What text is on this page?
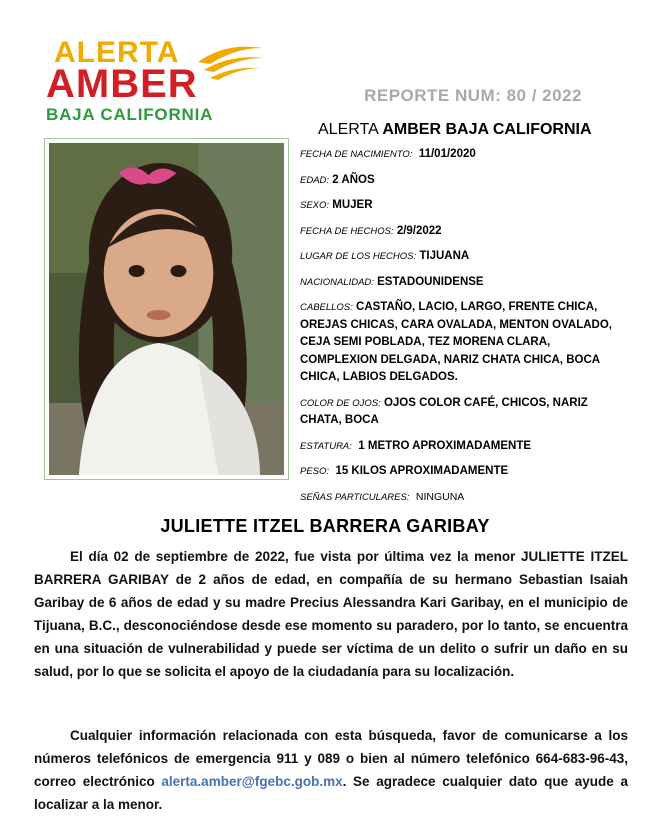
ALERTA
AMBER
BAJA CALIFORNIA
REPORTE NUM: 80 / 2022
ALERTA AMBER BAJA CALIFORNIA
FECHA DE NACIMIENTO: 11/01/2020
EDAD: 2 AÑOS
SEXO: MUJER
FECHA DE HECHOS: 2/9/2022
LUGAR DE LOS HECHOS: TIJUANA
NACIONALIDAD: ESTADOUNIDENSE
CABELLOS: CASTAÑO, LACIO, LARGO, FRENTE CHICA, OREJAS CHICAS, CARA OVALADA, MENTON OVALADO, CEJA SEMI POBLADA, TEZ MORENA CLARA, COMPLEXION DELGADA, NARIZ CHATA CHICA, BOCA CHICA, LABIOS DELGADOS.
COLOR DE OJOS: OJOS COLOR CAFÉ, CHICOS, NARIZ CHATA, BOCA
ESTATURA: 1 METRO APROXIMADAMENTE
PESO: 15 KILOS APROXIMADAMENTE
SEÑAS PARTICULARES: NINGUNA
JULIETTE ITZEL BARRERA GARIBAY
El día 02 de septiembre de 2022, fue vista por última vez la menor JULIETTE ITZEL BARRERA GARIBAY de 2 años de edad, en compañía de su hermano Sebastian Isaiah Garibay de 6 años de edad y su madre Precius Alessandra Kari Garibay, en el municipio de Tijuana, B.C., desconociéndose desde ese momento su paradero, por lo tanto, se encuentra en una situación de vulnerabilidad y puede ser víctima de un delito o sufrir un daño en su salud, por lo que se solicita el apoyo de la ciudadanía para su localización.
Cualquier información relacionada con esta búsqueda, favor de comunicarse a los números telefónicos de emergencia 911 y 089 o bien al número telefónico 664-683-96-43, correo electrónico alerta.amber@fgebc.gob.mx. Se agradece cualquier dato que ayude a localizar a la menor.
